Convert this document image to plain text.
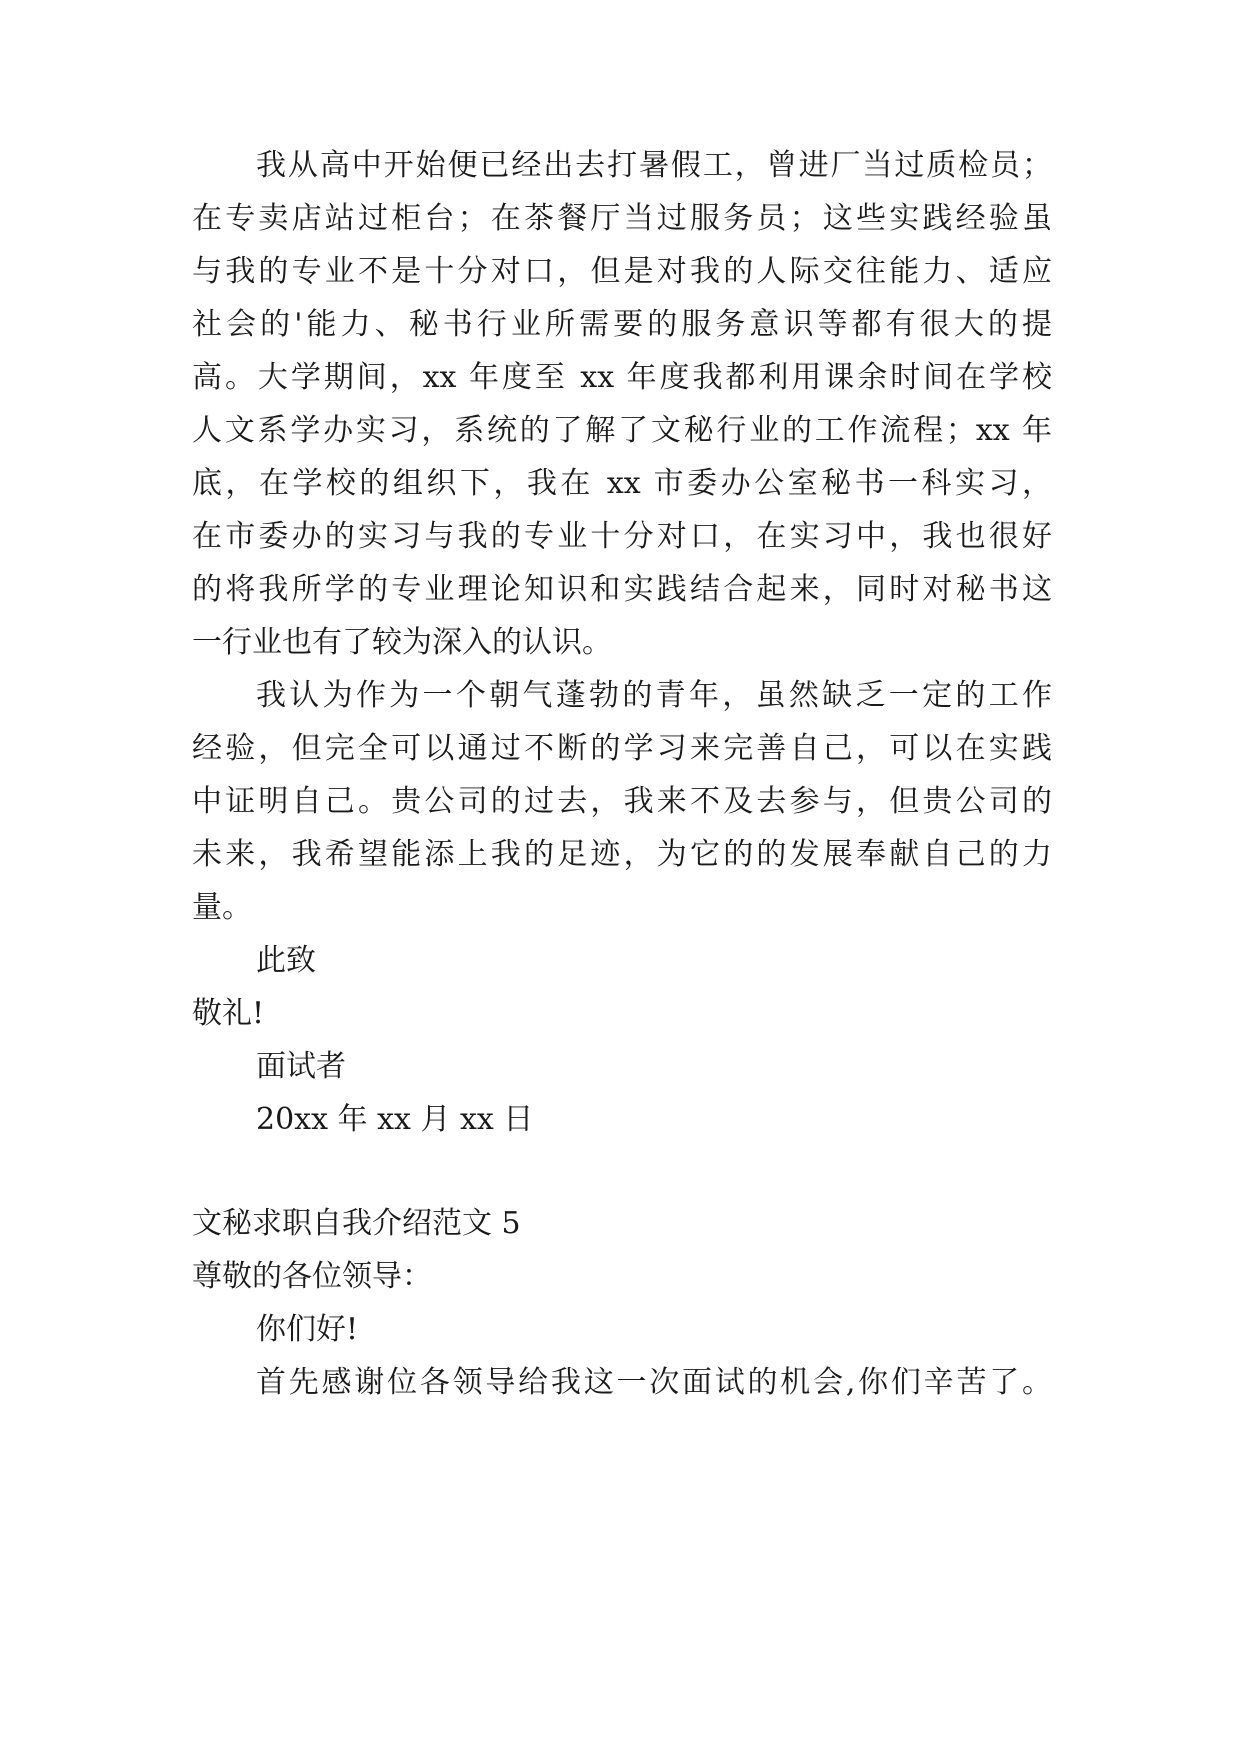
我从高中开始便已经出去打暑假工，曾进厂当过质检员；
在专卖店站过柜台；在茶餐厅当过服务员；这些实践经验虽
与我的专业不是十分对口，但是对我的人际交往能力、适应
社会的'能力、秘书行业所需要的服务意识等都有很大的提
高。大学期间，xx 年度至 xx 年度我都利用课余时间在学校
人文系学办实习，系统的了解了文秘行业的工作流程；xx 年
底，在学校的组织下，我在 xx 市委办公室秘书一科实习，
在市委办的实习与我的专业十分对口，在实习中，我也很好
的将我所学的专业理论知识和实践结合起来，同时对秘书这
一行业也有了较为深入的认识。
我认为作为一个朝气蓬勃的青年，虽然缺乏一定的工作
经验，但完全可以通过不断的学习来完善自己，可以在实践
中证明自己。贵公司的过去，我来不及去参与，但贵公司的
未来，我希望能添上我的足迹，为它的的发展奉献自己的力
量。
此致
敬礼!
面试者
20xx 年 xx 月 xx 日
文秘求职自我介绍范文 5
尊敬的各位领导：
你们好!
首先感谢位各领导给我这一次面试的机会,你们辛苦了。
